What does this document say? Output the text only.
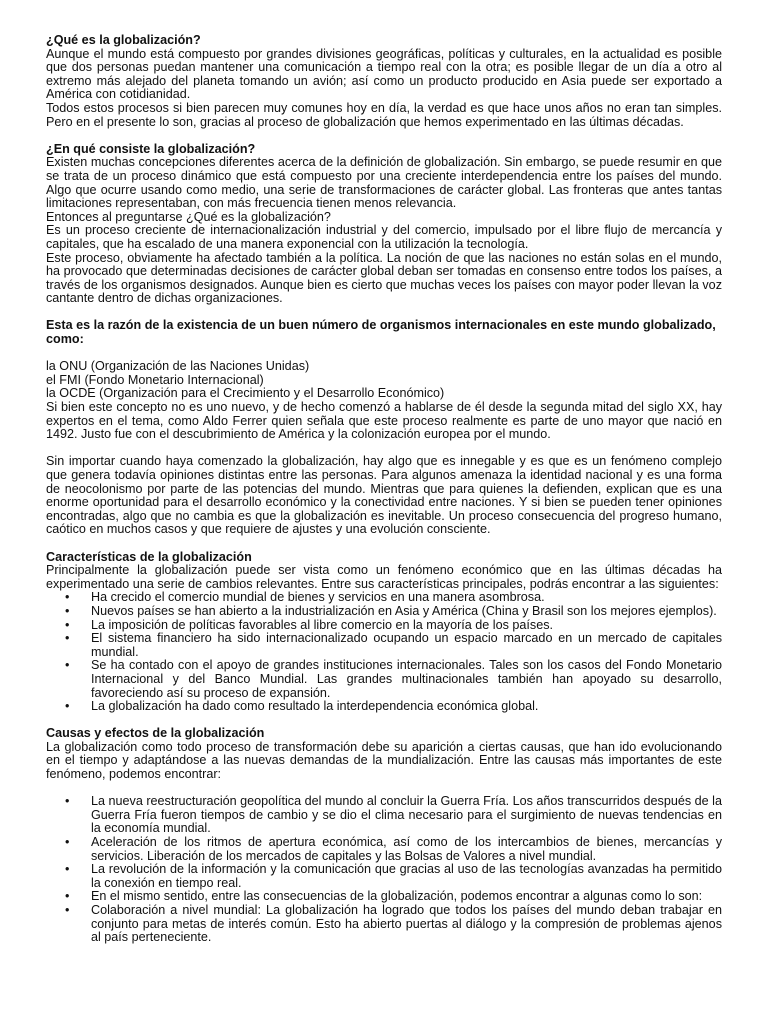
¿Qué es la globalización?

Aunque el mundo está compuesto por grandes divisiones geográficas, políticas y culturales, en la actualidad es posible que dos personas puedan mantener una comunicación a tiempo real con la otra; es posible llegar de un día a otro al extremo más alejado del planeta tomando un avión; así como un producto producido en Asia puede ser exportado a América con cotidianidad.

Todos estos procesos si bien parecen muy comunes hoy en día, la verdad es que hace unos años no eran tan simples. Pero en el presente lo son, gracias al proceso de globalización que hemos experimentado en las últimas décadas.

¿En qué consiste la globalización?

Existen muchas concepciones diferentes acerca de la definición de globalización. Sin embargo, se puede resumir en que se trata de un proceso dinámico que está compuesto por una creciente interdependencia entre los países del mundo. Algo que ocurre usando como medio, una serie de transformaciones de carácter global. Las fronteras que antes tantas limitaciones representaban, con más frecuencia tienen menos relevancia.

Entonces al preguntarse ¿Qué es la globalización?

Es un proceso creciente de internacionalización industrial y del comercio, impulsado por el libre flujo de mercancía y capitales, que ha escalado de una manera exponencial con la utilización la tecnología.

Este proceso, obviamente ha afectado también a la política. La noción de que las naciones no están solas en el mundo, ha provocado que determinadas decisiones de carácter global deban ser tomadas en consenso entre todos los países, a través de los organismos designados. Aunque bien es cierto que muchas veces los países con mayor poder llevan la voz cantante dentro de dichas organizaciones.

Esta es la razón de la existencia de un buen número de organismos internacionales en este mundo globalizado, como:

la ONU (Organización de las Naciones Unidas)

el FMI (Fondo Monetario Internacional)

la OCDE (Organización para el Crecimiento y el Desarrollo Económico)

Si bien este concepto no es uno nuevo, y de hecho comenzó a hablarse de él desde la segunda mitad del siglo XX, hay expertos en el tema, como Aldo Ferrer quien señala que este proceso realmente es parte de uno mayor que nació en 1492. Justo fue con el descubrimiento de América y la colonización europea por el mundo.

Sin importar cuando haya comenzado la globalización, hay algo que es innegable y es que es un fenómeno complejo que genera todavía opiniones distintas entre las personas. Para algunos amenaza la identidad nacional y es una forma de neocolonismo por parte de las potencias del mundo. Mientras que para quienes la defienden, explican que es una enorme oportunidad para el desarrollo económico y la conectividad entre naciones. Y si bien se pueden tener opiniones encontradas, algo que no cambia es que la globalización es inevitable. Un proceso consecuencia del progreso humano, caótico en muchos casos y que requiere de ajustes y una evolución consciente.

Características de la globalización

Principalmente la globalización puede ser vista como un fenómeno económico que en las últimas décadas ha experimentado una serie de cambios relevantes. Entre sus características principales, podrás encontrar a las siguientes:

• Ha crecido el comercio mundial de bienes y servicios en una manera asombrosa.
• Nuevos países se han abierto a la industrialización en Asia y América (China y Brasil son los mejores ejemplos).
• La imposición de políticas favorables al libre comercio en la mayoría de los países.
• El sistema financiero ha sido internacionalizado ocupando un espacio marcado en un mercado de capitales mundial.
• Se ha contado con el apoyo de grandes instituciones internacionales. Tales son los casos del Fondo Monetario Internacional y del Banco Mundial. Las grandes multinacionales también han apoyado su desarrollo, favoreciendo así su proceso de expansión.
• La globalización ha dado como resultado la interdependencia económica global.
Causas y efectos de la globalización

La globalización como todo proceso de transformación debe su aparición a ciertas causas, que han ido evolucionando en el tiempo y adaptándose a las nuevas demandas de la mundialización. Entre las causas más importantes de este fenómeno, podemos encontrar:

• La nueva reestructuración geopolítica del mundo al concluir la Guerra Fría. Los años transcurridos después de la Guerra Fría fueron tiempos de cambio y se dio el clima necesario para el surgimiento de nuevas tendencias en la economía mundial.
• Aceleración de los ritmos de apertura económica, así como de los intercambios de bienes, mercancías y servicios. Liberación de los mercados de capitales y las Bolsas de Valores a nivel mundial.
• La revolución de la información y la comunicación que gracias al uso de las tecnologías avanzadas ha permitido la conexión en tiempo real.
• En el mismo sentido, entre las consecuencias de la globalización, podemos encontrar a algunas como lo son:
• Colaboración a nivel mundial: La globalización ha logrado que todos los países del mundo deban trabajar en conjunto para metas de interés común. Esto ha abierto puertas al diálogo y la compresión de problemas ajenos al país perteneciente.
